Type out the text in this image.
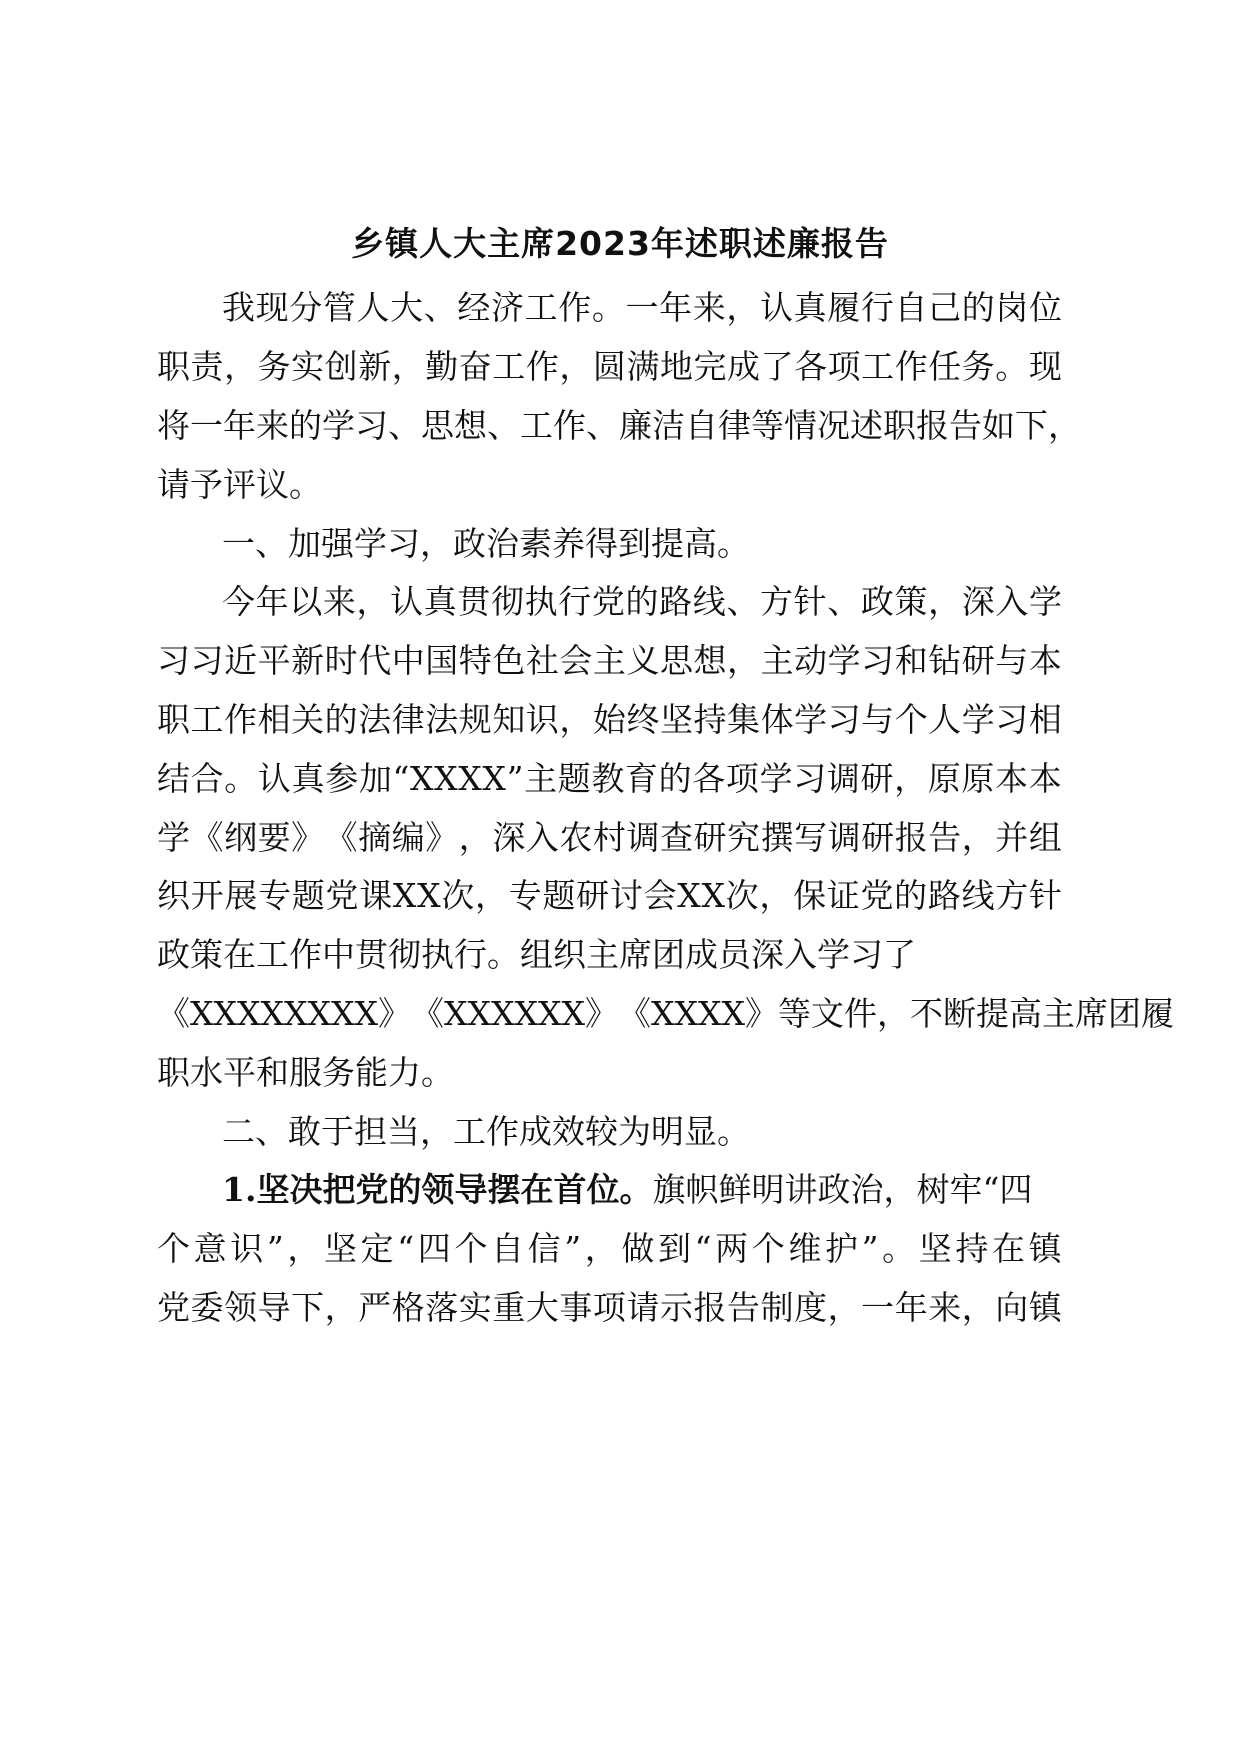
乡镇人大主席2023年述职述廉报告
我 现 分 管 人 大 、 经 济 工 作 。 一 年 来 ， 认 真 履 行 自 己 的 岗 位
职 责 ， 务 实 创 新 ， 勤 奋 工 作 ， 圆 满 地 完 成 了 各 项 工 作 任 务 。 现
将 一 年 来 的 学 习 、 思 想 、 工 作 、 廉 洁 自 律 等 情 况 述 职 报 告 如 下 ，
请予评议。
一、加强学习，政治素养得到提高。
今 年 以 来 ， 认 真 贯 彻 执 行 党 的 路 线 、 方 针 、 政 策 ， 深 入 学
习 习 近 平 新 时 代 中 国 特 色 社 会 主 义 思 想 ， 主 动 学 习 和 钻 研 与 本
职 工 作 相 关 的 法 律 法 规 知 识 ， 始 终 坚 持 集 体 学 习 与 个 人 学 习 相
结 合 。 认 真 参 加 “ X X X X ” 主 题 教 育 的 各 项 学 习 调 研 ， 原 原 本 本
学 《 纲 要 》 《 摘 编 》 ， 深 入 农 村 调 查 研 究 撰 写 调 研 报 告 ， 并 组
织 开 展 专 题 党 课 X X 次 ， 专 题 研 讨 会 X X 次 ， 保 证 党 的 路 线 方 针
政策在工作中贯彻执行。组织主席团成员深入学习了
《 X X X X X X X X 》 《 X X X X X X 》 《 X X X X 》 等 文 件 ， 不 断 提 高 主 席 团 履
职水平和服务能力。
二、敢于担当，工作成效较为明显。
1.坚决把党的领导摆在首位。旗帜鲜明讲政治，树牢“四
个 意 识 ” ， 坚 定 “ 四 个 自 信 ” ， 做 到 “ 两 个 维 护 ” 。 坚 持 在 镇
党 委 领 导 下 ， 严 格 落 实 重 大 事 项 请 示 报 告 制 度 ， 一 年 来 ， 向 镇
